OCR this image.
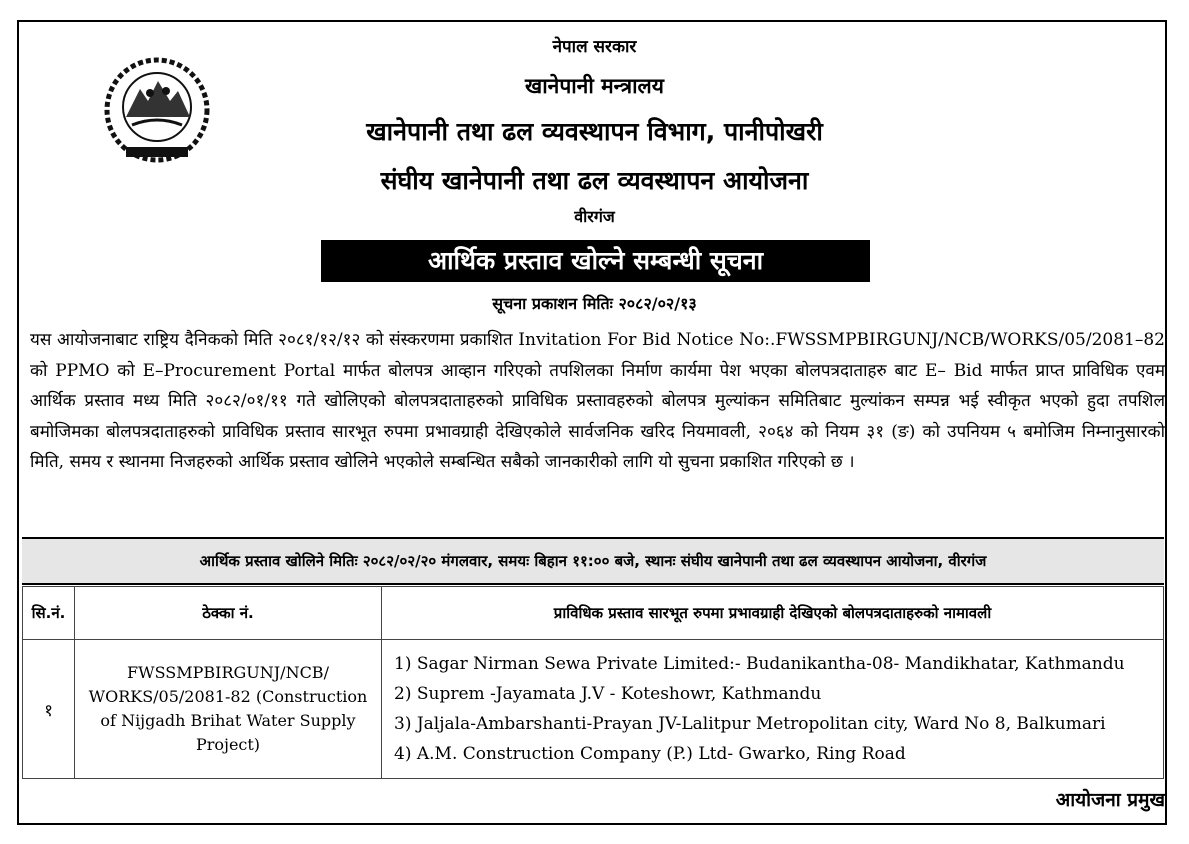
नेपाल सरकार
खानेपानी मन्त्रालय
खानेपानी तथा ढल व्यवस्थापन विभाग, पानीपोखरी
संघीय खानेपानी तथा ढल व्यवस्थापन आयोजना
वीरगंज
आर्थिक प्रस्ताव खोल्ने सम्बन्धी सूचना
सूचना प्रकाशन मितिः २०८२/०२/१३
यस आयोजनाबाट राष्ट्रिय दैनिकको मिति २०८१/१२/१२ को संस्करणमा प्रकाशित Invitation For Bid Notice No:.FWSSMPBIRGUNJ/NCB/WORKS/05/2081–82 को PPMO को E–Procurement Portal मार्फत बोलपत्र आव्हान गरिएको तपशिलका निर्माण कार्यमा पेश भएका बोलपत्रदाताहरु बाट E– Bid मार्फत प्राप्त प्राविधिक एवम आर्थिक प्रस्ताव मध्य मिति २०८२/०१/११ गते खोलिएको बोलपत्रदाताहरुको प्राविधिक प्रस्तावहरुको बोलपत्र मुल्यांकन समितिबाट मुल्यांकन सम्पन्न भई स्वीकृत भएको हुदा तपशिल बमोजिमका बोलपत्रदाताहरुको प्राविधिक प्रस्ताव सारभूत रुपमा प्रभावग्राही देखिएकोले सार्वजनिक खरिद नियमावली, २०६४ को नियम ३१ (ङ) को उपनियम ५ बमोजिम निम्नानुसारको मिति, समय र स्थानमा निजहरुको आर्थिक प्रस्ताव खोलिने भएकोले सम्बन्धित सबैको जानकारीको लागि यो सुचना प्रकाशित गरिएको छ ।
आर्थिक प्रस्ताव खोलिने मितिः २०८२/०२/२० मंगलवार, समयः बिहान ११:०० बजे, स्थानः संघीय खानेपानी तथा ढल व्यवस्थापन आयोजना, वीरगंज
सि.नं.	ठेक्का नं.	प्राविधिक प्रस्ताव सारभूत रुपमा प्रभावग्राही देखिएको बोलपत्रदाताहरुको नामावली
१	FWSSMPBIRGUNJ/NCB/ WORKS/05/2081-82 (Construction of Nijgadh Brihat Water Supply Project)	1) Sagar Nirman Sewa Private Limited:- Budanikantha-08- Mandikhatar, Kathmandu
2) Suprem -Jayamata J.V - Koteshowr, Kathmandu
3) Jaljala-Ambarshanti-Prayan JV-Lalitpur Metropolitan city, Ward No 8, Balkumari
4) A.M. Construction Company (P.) Ltd- Gwarko, Ring Road
आयोजना प्रमुख
